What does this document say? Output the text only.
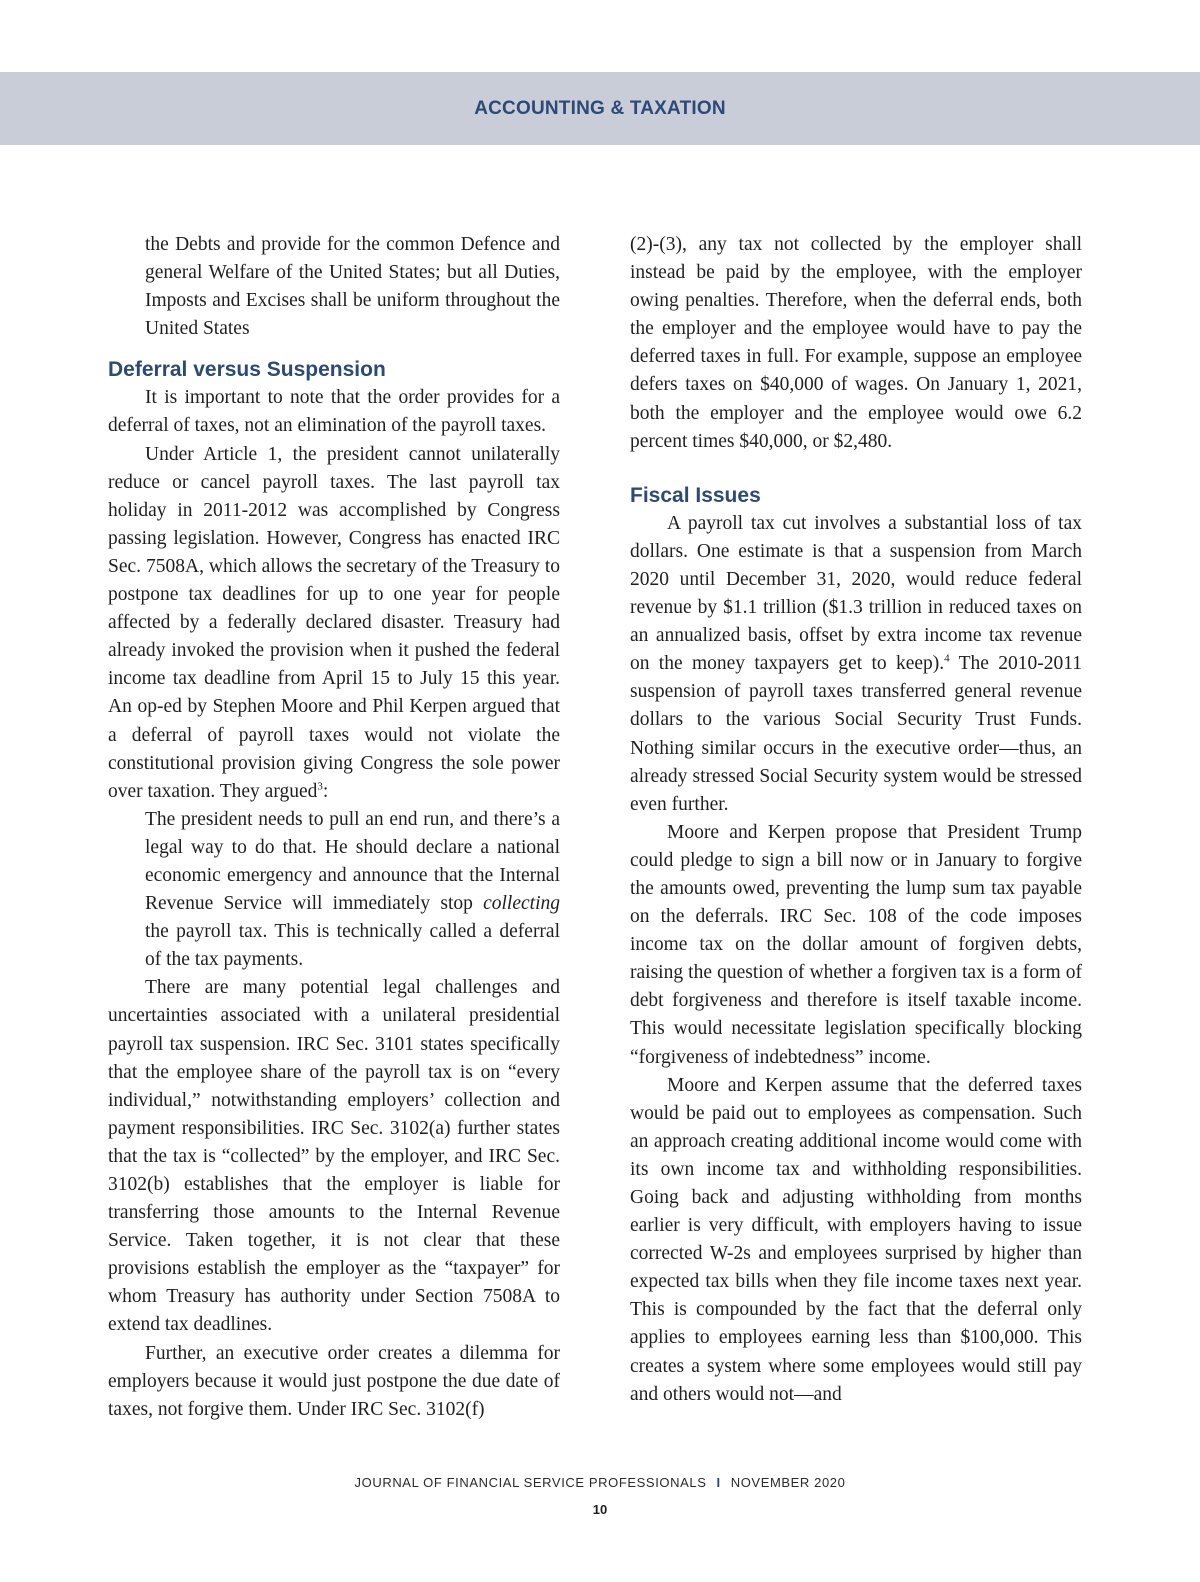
ACCOUNTING & TAXATION

the Debts and provide for the common Defence and general Welfare of the United States; but all Duties, Imposts and Excises shall be uniform throughout the United States

Deferral versus Suspension

It is important to note that the order provides for a deferral of taxes, not an elimination of the payroll taxes.

Under Article 1, the president cannot unilaterally reduce or cancel payroll taxes. The last payroll tax holiday in 2011-2012 was accomplished by Congress passing legislation. However, Congress has enacted IRC Sec. 7508A, which allows the secretary of the Treasury to postpone tax deadlines for up to one year for people affected by a federally declared disaster. Treasury had already invoked the provision when it pushed the federal income tax deadline from April 15 to July 15 this year. An op-ed by Stephen Moore and Phil Kerpen argued that a deferral of payroll taxes would not violate the constitutional provision giving Congress the sole power over taxation. They argued$^3$:

The president needs to pull an end run, and there’s a legal way to do that. He should declare a national economic emergency and announce that the Internal Revenue Service will immediately stop collecting the payroll tax. This is technically called a deferral of the tax payments.

There are many potential legal challenges and uncertainties associated with a unilateral presidential payroll tax suspension. IRC Sec. 3101 states specifically that the employee share of the payroll tax is on “every individual,” notwithstanding employers’ collection and payment responsibilities. IRC Sec. 3102(a) further states that the tax is “collected” by the employer, and IRC Sec. 3102(b) establishes that the employer is liable for transferring those amounts to the Internal Revenue Service. Taken together, it is not clear that these provisions establish the employer as the “taxpayer” for whom Treasury has authority under Section 7508A to extend tax deadlines.

Further, an executive order creates a dilemma for employers because it would just postpone the due date of taxes, not forgive them. Under IRC Sec. 3102(f)

(2)-(3), any tax not collected by the employer shall instead be paid by the employee, with the employer owing penalties. Therefore, when the deferral ends, both the employer and the employee would have to pay the deferred taxes in full. For example, suppose an employee defers taxes on $40,000 of wages. On January 1, 2021, both the employer and the employee would owe 6.2 percent times $40,000, or $2,480.

Fiscal Issues

A payroll tax cut involves a substantial loss of tax dollars. One estimate is that a suspension from March 2020 until December 31, 2020, would reduce federal revenue by $1.1 trillion ($1.3 trillion in reduced taxes on an annualized basis, offset by extra income tax revenue on the money taxpayers get to keep).$^4$ The 2010-2011 suspension of payroll taxes transferred general revenue dollars to the various Social Security Trust Funds. Nothing similar occurs in the executive order—thus, an already stressed Social Security system would be stressed even further.

Moore and Kerpen propose that President Trump could pledge to sign a bill now or in January to forgive the amounts owed, preventing the lump sum tax payable on the deferrals. IRC Sec. 108 of the code imposes income tax on the dollar amount of forgiven debts, raising the question of whether a forgiven tax is a form of debt forgiveness and therefore is itself taxable income. This would necessitate legislation specifically blocking “forgiveness of indebtedness” income.

Moore and Kerpen assume that the deferred taxes would be paid out to employees as compensation. Such an approach creating additional income would come with its own income tax and withholding responsibilities. Going back and adjusting withholding from months earlier is very difficult, with employers having to issue corrected W-2s and employees surprised by higher than expected tax bills when they file income taxes next year. This is compounded by the fact that the deferral only applies to employees earning less than $100,000. This creates a system where some employees would still pay and others would not—and

JOURNAL OF FINANCIAL SERVICE PROFESSIONALS I NOVEMBER 2020
10
